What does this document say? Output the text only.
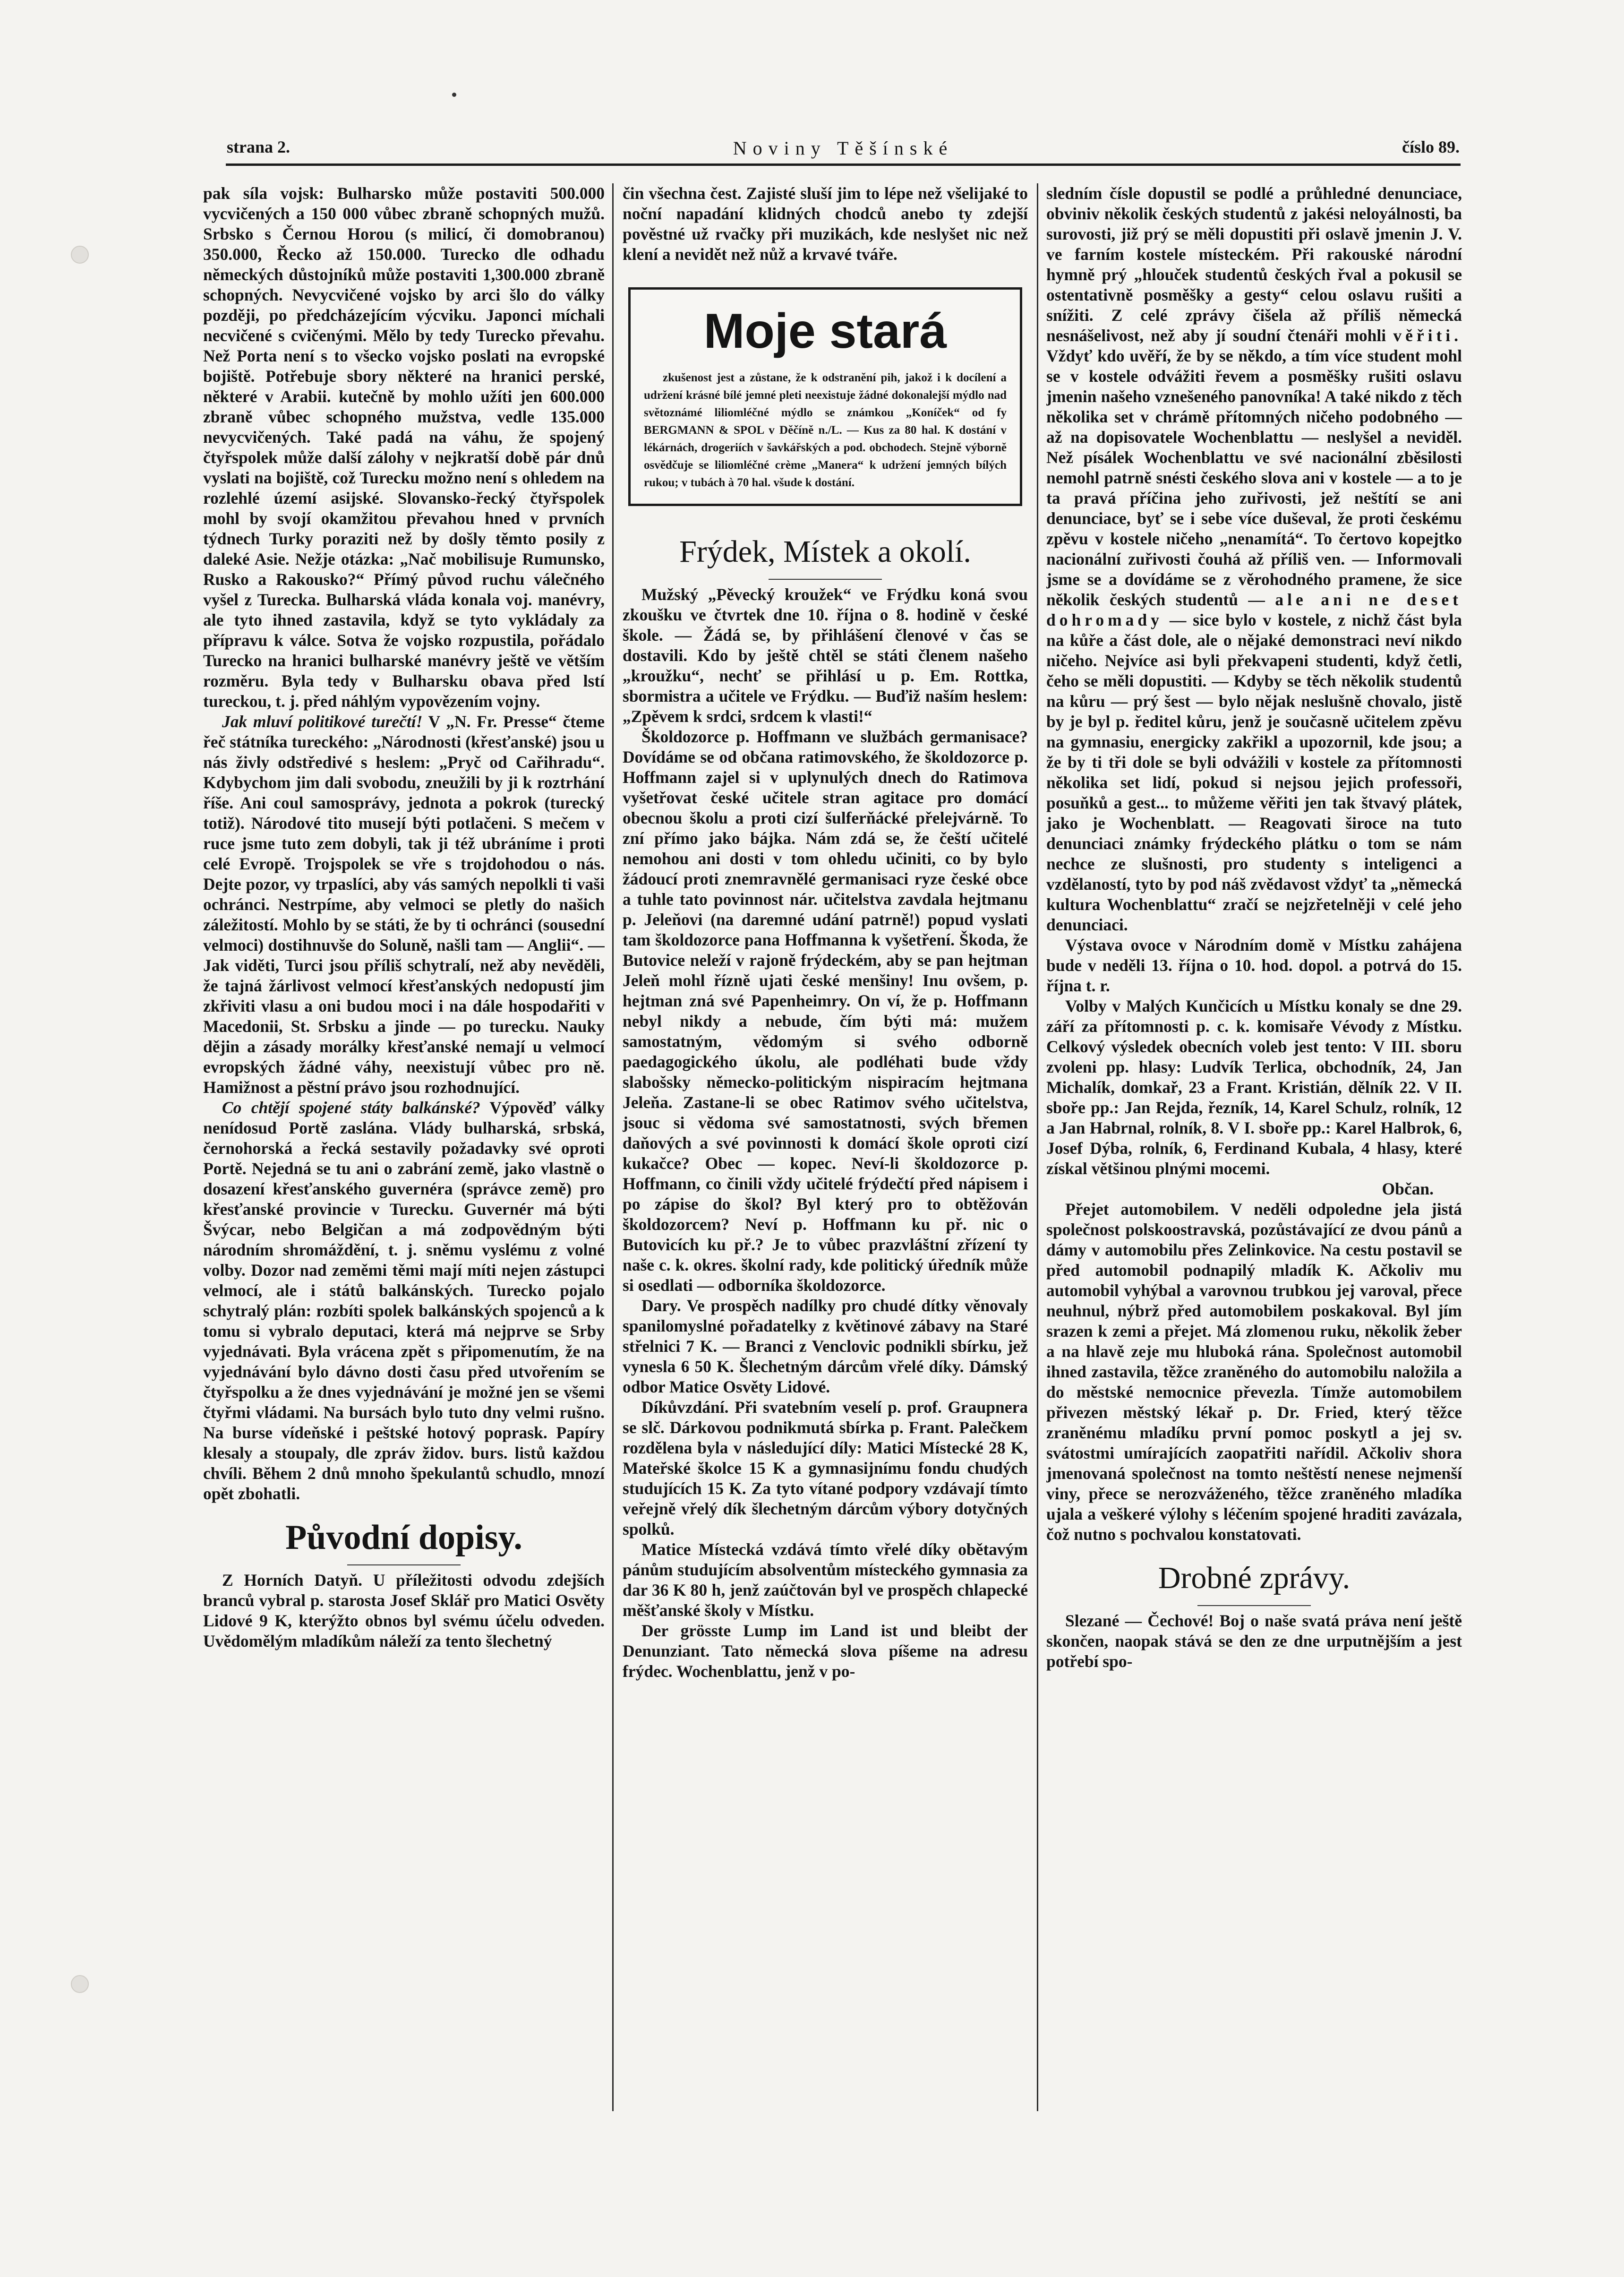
strana 2.	Noviny Těšínské	číslo 89.

pak síla vojsk: Bulharsko může postaviti 500.000 vycvičených a 150 000 vůbec zbraně schopných mužů. Srbsko s Černou Horou (s milicí, či domobranou) 350.000, Řecko až 150.000. Turecko dle odhadu německých důstojníků může postaviti 1,300.000 zbraně schopných. Nevycvičené vojsko by arci šlo do války později, po předcházejícím výcviku. Japonci míchali necvičené s cvičenými. Mělo by tedy Turecko převahu. Než Porta není s to všecko vojsko poslati na evropské bojiště. Potřebuje sbory některé na hranici perské, některé v Arabii. kutečně by mohlo užíti jen 600.000 zbraně vůbec schopného mužstva, vedle 135.000 nevycvičených. Také padá na váhu, že spojený čtyřspolek může další zálohy v nejkratší době pár dnů vyslati na bojiště, což Turecku možno není s ohledem na rozlehlé území asijské. Slovansko-řecký čtyřspolek mohl by svojí okamžitou převahou hned v prvních týdnech Turky poraziti než by došly těmto posily z daleké Asie. Nežje otázka: „Nač mobilisuje Rumunsko, Rusko a Rakousko?“ Přímý původ ruchu válečného vyšel z Turecka. Bulharská vláda konala voj. manévry, ale tyto ihned zastavila, když se tyto vykládaly za přípravu k válce. Sotva že vojsko rozpustila, pořádalo Turecko na hranici bulharské manévry ještě ve větším rozměru. Byla tedy v Bulharsku obava před lstí tureckou, t. j. před náhlým vypovězením vojny.

Jak mluví politikové turečtí! V „N. Fr. Presse“ čteme řeč státníka tureckého: „Národnosti (křesťanské) jsou u nás živly odstředivé s heslem: „Pryč od Cařihradu“. Kdybychom jim dali svobodu, zneužili by ji k roztrhání říše. Ani coul samosprávy, jednota a pokrok (turecký totiž). Národové tito musejí býti potlačeni. S mečem v ruce jsme tuto zem dobyli, tak ji též ubráníme i proti celé Evropě. Trojspolek se vře s trojdohodou o nás. Dejte pozor, vy trpaslíci, aby vás samých nepolkli ti vaši ochránci. Nestrpíme, aby velmoci se pletly do našich záležitostí. Mohlo by se státi, že by ti ochránci (sousední velmoci) dostihnuvše do Soluně, našli tam — Anglii“. — Jak viděti, Turci jsou příliš schytralí, než aby nevěděli, že tajná žárlivost velmocí křesťanských nedopustí jim zkřiviti vlasu a oni budou moci i na dále hospodařiti v Macedonii, St. Srbsku a jinde — po turecku. Nauky dějin a zásady morálky křesťanské nemají u velmocí evropských žádné váhy, neexistují vůbec pro ně. Hamižnost a pěstní právo jsou rozhodnující.

Co chtějí spojené státy balkánské? Výpověď války nenídosud Portě zaslána. Vlády bulharská, srbská, černohorská a řecká sestavily požadavky své oproti Portě. Nejedná se tu ani o zabrání země, jako vlastně o dosazení křesťanského guvernéra (správce země) pro křesťanské provincie v Turecku. Guvernér má býti Švýcar, nebo Belgičan a má zodpovědným býti národním shromáždění, t. j. sněmu vyslému z volné volby. Dozor nad zeměmi těmi mají míti nejen zástupci velmocí, ale i států balkánských. Turecko pojalo schytralý plán: rozbíti spolek balkánských spojenců a k tomu si vybralo deputaci, která má nejprve se Srby vyjednávati. Byla vrácena zpět s připomenutím, že na vyjednávání bylo dávno dosti času před utvořením se čtyřspolku a že dnes vyjednávání je možné jen se všemi čtyřmi vládami. Na bursách bylo tuto dny velmi rušno. Na burse vídeňské i peštské hotový poprask. Papíry klesaly a stoupaly, dle zpráv židov. burs. listů každou chvíli. Během 2 dnů mnoho špekulantů schudlo, mnozí opět zbohatli.

Původní dopisy.

Z Horních Datyň. U příležitosti odvodu zdejších branců vybral p. starosta Josef Sklář pro Matici Osvěty Lidové 9 K, kterýžto obnos byl svému účelu odveden. Uvědomělým mladíkům náleží za tento šlechetný

čin všechna čest. Zajisté sluší jim to lépe než všelijaké to noční napadání klidných chodců anebo ty zdejší pověstné už rvačky při muzikách, kde neslyšet nic než klení a nevidět než nůž a krvavé tváře.

Moje stará

zkušenost jest a zůstane, že k odstranění pih, jakož i k docílení a udržení krásné bílé jemné pleti neexistuje žádné dokonalejší mýdlo nad světoznámé liliomléčné mýdlo se známkou „Koníček“ od fy BERGMANN & SPOL v Děčíně n./L. — Kus za 80 hal. K dostání v lékárnách, drogeriích v šavkářských a pod. obchodech. Stejně výborně osvědčuje se liliomléčné crème „Manera“ k udržení jemných bílých rukou; v tubách à 70 hal. všude k dostání.

Frýdek, Místek a okolí.

Mužský „Pěvecký kroužek“ ve Frýdku koná svou zkoušku ve čtvrtek dne 10. října o 8. hodině v české škole. — Žádá se, by přihlášení členové v čas se dostavili. Kdo by ještě chtěl se státi členem našeho „kroužku“, nechť se přihlásí u p. Em. Rottka, sbormistra a učitele ve Frýdku. — Buďiž naším heslem: „Zpěvem k srdci, srdcem k vlasti!“

Školdozorce p. Hoffmann ve službách germanisace? Dovídáme se od občana ratimovského, že školdozorce p. Hoffmann zajel si v uplynulých dnech do Ratimova vyšetřovat české učitele stran agitace pro domácí obecnou školu a proti cizí šulferňácké přelejvárně. To zní přímo jako bájka. Nám zdá se, že čeští učitelé nemohou ani dosti v tom ohledu učiniti, co by bylo žádoucí proti znemravnělé germanisaci ryze české obce a tuhle tato povinnost nár. učitelstva zavdala hejtmanu p. Jeleňovi (na daremné udání patrně!) popud vyslati tam školdozorce pana Hoffmanna k vyšetření. Škoda, že Butovice neleží v rajoně frýdeckém, aby se pan hejtman Jeleň mohl řízně ujati české menšiny! Inu ovšem, p. hejtman zná své Papenheimry. On ví, že p. Hoffmann nebyl nikdy a nebude, čím býti má: mužem samostatným, vědomým si svého odborně paedagogického úkolu, ale podléhati bude vždy slabošsky německo-politickým nispiracím hejtmana Jeleňa. Zastane-li se obec Ratimov svého učitelstva, jsouc si vědoma své samostatnosti, svých břemen daňových a své povinnosti k domácí škole oproti cizí kukačce? Obec — kopec. Neví-li školdozorce p. Hoffmann, co činili vždy učitelé frýdečtí před nápisem i po zápise do škol? Byl který pro to obtěžován školdozorcem? Neví p. Hoffmann ku př. nic o Butovicích ku př.? Je to vůbec prazvláštní zřízení ty naše c. k. okres. školní rady, kde politický úředník může si osedlati — odborníka školdozorce.

Dary. Ve prospěch nadílky pro chudé dítky věnovaly spanilomyslné pořadatelky z květinové zábavy na Staré střelnici 7 K. — Branci z Venclovic podnikli sbírku, jež vynesla 6 50 K. Šlechetným dárcům vřelé díky. Dámský odbor Matice Osvěty Lidové.

Díkůvzdání. Při svatebním veselí p. prof. Graupnera se slč. Dárkovou podnikmutá sbírka p. Frant. Palečkem rozdělena byla v následující díly: Matici Místecké 28 K, Mateřské školce 15 K a gymnasijnímu fondu chudých studujících 15 K. Za tyto vítané podpory vzdávají tímto veřejně vřelý dík šlechetným dárcům výbory dotyčných spolků.

Matice Místecká vzdává tímto vřelé díky obětavým pánům studujícím absolventům místeckého gymnasia za dar 36 K 80 h, jenž zaúčtován byl ve prospěch chlapecké měšťanské školy v Místku.

Der grösste Lump im Land ist und bleibt der Denunziant. Tato německá slova píšeme na adresu frýdec. Wochenblattu, jenž v po-

sledním čísle dopustil se podlé a průhledné denunciace, obviniv několik českých studentů z jakési neloyálnosti, ba surovosti, již prý se měli dopustiti při oslavě jmenin J. V. ve farním kostele místeckém. Při rakouské národní hymně prý „hlouček studentů českých řval a pokusil se ostentativně posměšky a gesty“ celou oslavu rušiti a snížiti. Z celé zprávy čišela až příliš německá nesnášelivost, než aby jí soudní čtenáři mohli věřiti. Vždyť kdo uvěří, že by se někdo, a tím více student mohl se v kostele odvážiti řevem a posměšky rušiti oslavu jmenin našeho vznešeného panovníka! A také nikdo z těch několika set v chrámě přítomných ničeho podobného — až na dopisovatele Wochenblattu — neslyšel a neviděl. Než písálek Wochenblattu ve své nacionální zběsilosti nemohl patrně snésti českého slova ani v kostele — a to je ta pravá příčina jeho zuřivosti, jež neštítí se ani denunciace, byť se i sebe více duševal, že proti českému zpěvu v kostele ničeho „nenamítá“. To čertovo kopejtko nacionální zuřivosti čouhá až příliš ven. — Informovali jsme se a dovídáme se z věrohodného pramene, že sice několik českých studentů — ale ani ne deset dohromady — sice bylo v kostele, z nichž část byla na kůře a část dole, ale o nějaké demonstraci neví nikdo ničeho. Nejvíce asi byli překvapeni studenti, když četli, čeho se měli dopustiti. — Kdyby se těch několik studentů na kůru — prý šest — bylo nějak neslušně chovalo, jistě by je byl p. ředitel kůru, jenž je současně učitelem zpěvu na gymnasiu, energicky zakřikl a upozornil, kde jsou; a že by ti tři dole se byli odvážili v kostele za přítomnosti několika set lidí, pokud si nejsou jejich professoři, posuňků a gest... to můžeme věřiti jen tak štvavý plátek, jako je Wochenblatt. — Reagovati široce na tuto denunciaci známky frýdeckého plátku o tom se nám nechce ze slušnosti, pro studenty s inteligenci a vzdělaností, tyto by pod náš zvědavost vždyť ta „německá kultura Wochenblattu“ zračí se nejzřetelněji v celé jeho denunciaci.

Výstava ovoce v Národním domě v Místku zahájena bude v neděli 13. října o 10. hod. dopol. a potrvá do 15. října t. r.

Volby v Malých Kunčicích u Místku konaly se dne 29. září za přítomnosti p. c. k. komisaře Vévody z Místku. Celkový výsledek obecních voleb jest tento: V III. sboru zvoleni pp. hlasy: Ludvík Terlica, obchodník, 24, Jan Michalík, domkař, 23 a Frant. Kristián, dělník 22. V II. sboře pp.: Jan Rejda, řezník, 14, Karel Schulz, rolník, 12 a Jan Habrnal, rolník, 8. V I. sboře pp.: Karel Halbrok, 6, Josef Dýba, rolník, 6, Ferdinand Kubala, 4 hlasy, které získal většinou plnými mocemi.

Občan.

Přejet automobilem. V neděli odpoledne jela jistá společnost polskoostravská, pozůstávající ze dvou pánů a dámy v automobilu přes Zelinkovice. Na cestu postavil se před automobil podnapilý mladík K. Ačkoliv mu automobil vyhýbal a varovnou trubkou jej varoval, přece neuhnul, nýbrž před automobilem poskakoval. Byl jím srazen k zemi a přejet. Má zlomenou ruku, několik žeber a na hlavě zeje mu hluboká rána. Společnost automobil ihned zastavila, těžce zraněného do automobilu naložila a do městské nemocnice převezla. Tímže automobilem přivezen městský lékař p. Dr. Fried, který těžce zraněnému mladíku první pomoc poskytl a jej sv. svátostmi umírajících zaopatřiti nařídil. Ačkoliv shora jmenovaná společnost na tomto neštěstí nenese nejmenší viny, přece se nerozváženého, těžce zraněného mladíka ujala a veškeré výlohy s léčením spojené hraditi zavázala, čož nutno s pochvalou konstatovati.

Drobné zprávy.

Slezané — Čechové! Boj o naše svatá práva není ještě skončen, naopak stává se den ze dne urputnějším a jest potřebí spo-
